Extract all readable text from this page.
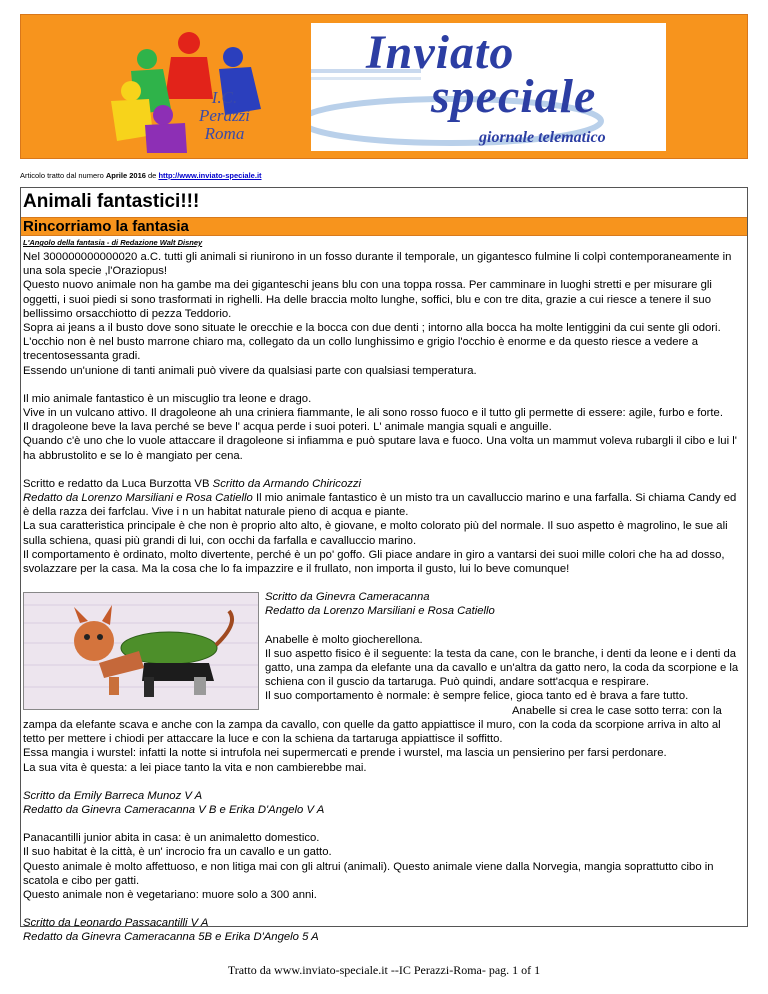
I.C.
Perazzi
Roma
Inviato
speciale
giornale telematico
Articolo tratto dal numero Aprile 2016 de http://www.inviato-speciale.it
Animali fantastici!!!
Rincorriamo la fantasia
L'Angolo della fantasia - di Redazione Walt Disney

Nel 300000000000020 a.C. tutti gli animali si riunirono in un fosso durante il temporale, un gigantesco fulmine li colpì contemporaneamente in una sola specie ,l'Oraziopus!

Questo nuovo animale non ha gambe ma dei giganteschi jeans blu con una toppa rossa. Per camminare in luoghi stretti e per misurare gli oggetti, i suoi piedi si sono trasformati in righelli. Ha delle braccia molto lunghe, soffici, blu e con tre dita, grazie a cui riesce a tenere il suo bellissimo orsacchiotto di pezza Teddorio.

Sopra ai jeans a il busto dove sono situate le orecchie e la bocca con due denti ; intorno alla bocca ha molte lentiggini da cui sente gli odori. L'occhio non è nel busto marrone chiaro ma, collegato da un collo lunghissimo e grigio l'occhio è enorme e da questo riesce a vedere a trecentosessanta gradi.

Essendo un'unione di tanti animali può vivere da qualsiasi parte con qualsiasi temperatura.

Il mio animale fantastico è un miscuglio tra leone e drago.

Vive in un vulcano attivo. Il dragoleone ah una criniera fiammante, le ali sono rosso fuoco e il tutto gli permette di essere: agile, furbo e forte.

Il dragoleone beve la lava perché se beve l' acqua perde i suoi poteri. L' animale mangia squali e anguille.

Quando c'è uno che lo vuole attaccare il dragoleone si infiamma e può sputare lava e fuoco. Una volta un mammut voleva rubargli il cibo e lui l' ha abbrustolito e se lo è mangiato per cena.

Scritto e redatto da Luca Burzotta VB Scritto da Armando Chiricozzi
Redatto da Lorenzo Marsiliani e Rosa Catiello Il mio animale fantastico è un misto tra un cavalluccio marino e una farfalla. Si chiama Candy ed è della razza dei farfclau. Vive i n un habitat naturale pieno di acqua e piante.

La sua caratteristica principale è che non è proprio alto alto, è giovane, e molto colorato più del normale. Il suo aspetto è magrolino, le sue ali sulla schiena, quasi più grandi di lui, con occhi da farfalla e cavalluccio marino.

Il comportamento è ordinato, molto divertente, perché è un po' goffo. Gli piace andare in giro a vantarsi dei suoi mille colori che ha ad dosso, svolazzare per la casa. Ma la cosa che lo fa impazzire e il frullato, non importa il gusto, lui lo beve comunque!

Scritto da Ginevra Cameracanna
Redatto da Lorenzo Marsiliani e Rosa Catiello

Anabelle è molto giocherellona.

Il suo aspetto fisico è il seguente: la testa da cane, con le branche, i denti da leone e i denti da gatto, una zampa da elefante una da cavallo e un'altra da gatto nero, la coda da scorpione e la schiena con il guscio da tartaruga. Può quindi, andare sott'acqua e respirare.

Il suo comportamento è normale: è sempre felice, gioca tanto ed è brava a fare tutto.

Anabelle si crea le case sotto terra: con la zampa da elefante scava e anche con la zampa da cavallo, con quelle da gatto appiattisce il muro, con la coda da scorpione arriva in alto al tetto per mettere i chiodi per attaccare la luce e con la schiena da tartaruga appiattisce il soffitto.

Essa mangia i wurstel: infatti la notte si intrufola nei supermercati e prende i wurstel, ma lascia un pensierino per farsi perdonare.

La sua vita è questa: a lei piace tanto la vita e non cambierebbe mai.

Scritto da Emily Barreca Munoz V A

Redatto da Ginevra Cameracanna V B e Erika D'Angelo V A

Panacantilli junior abita in casa: è un animaletto domestico.

Il suo habitat è la città, è un' incrocio fra un cavallo e un gatto.

Questo animale è molto affettuoso, e non litiga mai con gli altrui (animali). Questo animale viene dalla Norvegia, mangia soprattutto cibo in scatola e cibo per gatti.

Questo animale non è vegetariano: muore solo a 300 anni.

Scritto da Leonardo Passacantilli V A

Redatto da Ginevra Cameracanna 5B e Erika D'Angelo 5 A

Tratto da www.inviato-speciale.it --IC Perazzi-Roma- pag. 1 of 1
